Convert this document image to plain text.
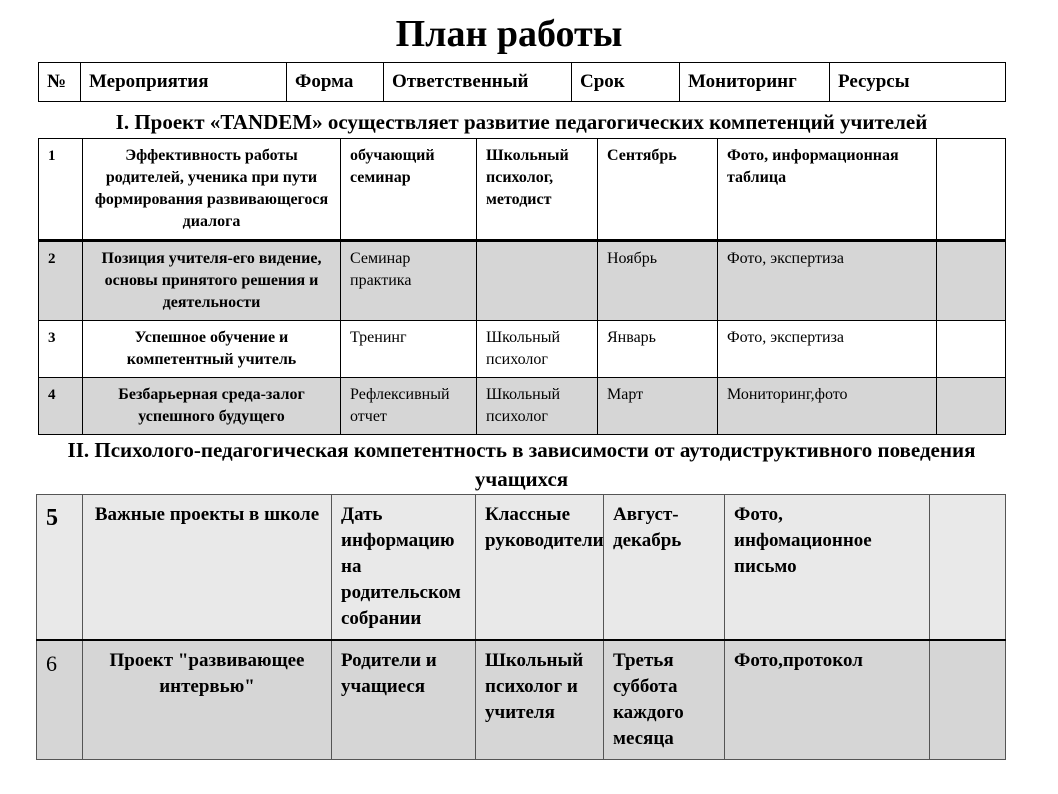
План работы
№	Мероприятия	Форма	Ответственный	Срок	Мониторинг	Ресурсы
I. Проект «TANDEM» осуществляет развитие педагогических компетенций учителей
1	Эффективность работы родителей, ученика при пути формирования развивающегося диалога	обучающий семинар	Школьный психолог, методист	Сентябрь	Фото, информационная таблица	
2	Позиция учителя-его видение, основы принятого решения и деятельности	Семинар практика		Ноябрь	Фото, экспертиза	
3	Успешное обучение и компетентный учитель	Тренинг	Школьный психолог	Январь	Фото, экспертиза	
4	Безбарьерная среда-залог успешного будущего	Рефлексивный отчет	Школьный психолог	Март	Мониторинг,фото	
II. Психолого-педагогическая компетентность в зависимости от аутодиструктивного поведения учащихся
5	Важные проекты в школе	Дать информацию на родительском собрании	Классные руководители	Август-декабрь	Фото, инфомационное письмо	
6	Проект "развивающее интервью"	Родители и учащиеся	Школьный психолог и учителя	Третья суббота каждого месяца	Фото,протокол	
